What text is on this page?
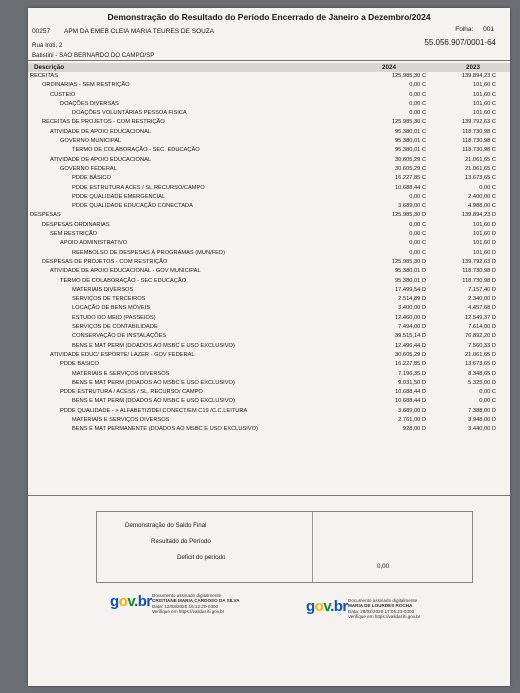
Demonstração do Resultado do Período Encerrado de Janeiro a Dezembro/2024
Folha: 001
00257 APM DA EMEB CLEIA MARIA TEURES DE SOUZA
55.056.907/0001-64
Rua Iroti, 2
Batistini - SAO BERNARDO DO CAMPO/SP
Descrição	2024	2023
RECEITAS	125.985,30 C	139.894,23 C
ORDINARIAS - SEM RESTRIÇÃO	0,00 C	101,60 C
CUSTEIO	0,00 C	101,60 C
DOAÇÕES DIVERSAS	0,00 C	101,60 C
DOAÇÕES VOLUNTÁRIAS PESSOA FISICA	0,00 C	101,60 C
RECEITAS DE PROJETOS - COM RESTRIÇÃO	125.985,30 C	139.792,63 C
ATIVIDADE DE APOIO EDUCACIONAL	95.380,01 C	118.730,98 C
GOVERNO MUNICIPAL	95.380,01 C	118.730,98 C
TERMO DE COLABORAÇÃO - SEC. EDUCAÇÃO	95.380,01 C	118.730,98 C
ATIVIDADE DE APOIO EDUCACIONAL	30.605,29 C	21.061,65 C
GOVERNO FEDERAL	30.605,29 C	21.061,65 C
PDDE BÁSICO	16.227,85 C	13.673,65 C
PDDE ESTRUTURA ACES / SL.RECURSO/CAMPO	10.688,44 C	0,00 C
PDDE QUALIDADE EMERGENCIAL	0,00 C	2.400,00 C
PDDE QUALIDADE EDUCAÇÃO CONECTADA	3.689,00 C	4.988,00 C
DESPESAS	125.985,30 D	139.894,23 D
DESPESAS ORDINARIAS	0,00 C	101,60 D
SEM RESTRIÇÃO	0,00 C	101,60 D
APOIO ADMINISTRATIVO	0,00 C	101,60 D
REEMBOLSO DE DESPESAS À PROGRAMAS (MUN/FED)	0,00 C	101,60 D
DESPESAS DE PROJETOS - COM RESTRIÇÃO	125.985,30 D	139.792,63 D
ATIVIDADE DE APOIO EDUCACIONAL - GOV MUNICIPAL	95.380,01 D	118.730,98 D
TERMO DE COLABORAÇÃO - SEC EDUCAÇÃO	95.380,01 D	118.730,98 D
MATERIAIS DIVERSOS	17.499,54 D	7.157,40 D
SERVIÇOS DE TERCEIROS	2.514,89 D	2.340,00 D
LOCAÇÃO DE BENS MÓVEIS	3.400,00 D	4.457,68 D
ESTUDO DO MEIO (PASSEIOS)	12.460,00 D	12.549,37 D
SERVIÇOS DE CONTABILIDADE	7.494,00 D	7.614,00 D
CONSERVAÇÃO DE INSTALAÇÕES	39.515,14 D	76.892,20 D
BENS E MAT PERM (DOADOS AO MSBC E USO EXCLUSIVO)	12.496,44 D	7.560,33 D
ATIVIDADE EDUC/ ESPORTE/ LAZER - GOV FEDERAL	30.605,29 D	21.061,65 D
PDDE BASICO	16.227,85 D	13.673,65 D
MATERIAIS E SERVIÇOS DIVERSOS	7.196,35 D	8.348,65 D
BENS E MAT PERM (DOADOS AO MSBC E USO EXCLUSIVO)	9.031,50 D	5.325,00 D
PDDE ESTRUTURA / ACESS / SL. RECURSO/ CAMPO	10.688,44 D	0,00 C
BENS E MAT PERM (DOADOS AO MSBC E USO EXCLUSIVO)	10.688,44 D	0,00 C
PDDE QUALIDADE - > ALFABETIZIDEI CONECT/EM.C19 /C.C.LEITURA	3.689,00 D	7.388,00 D
MATERIAIS E SERVIÇOS DIVERSOS	2.761,00 D	3.948,00 D
BENS E MAT PERMANENTE (DOADOS AO MSBC E USO EXCLUSIVO)	928,00 D	3.440,00 D
Demonstração do Saldo Final
Resultado do Período
Deficit do período
0,00
gov.br Documento assinado digitalmente
CRISTIANE MARIA CARDOSO DA SILVA
Data: 12/03/2025 16:12:20-0300
Verifique em https://validar.iti.gov.br	gov.br Documento assinado digitalmente
MARIA DE LOURDES ROCHA
Data: 28/02/2025 17:05:23-0300
Verifique em https://validar.iti.gov.br
